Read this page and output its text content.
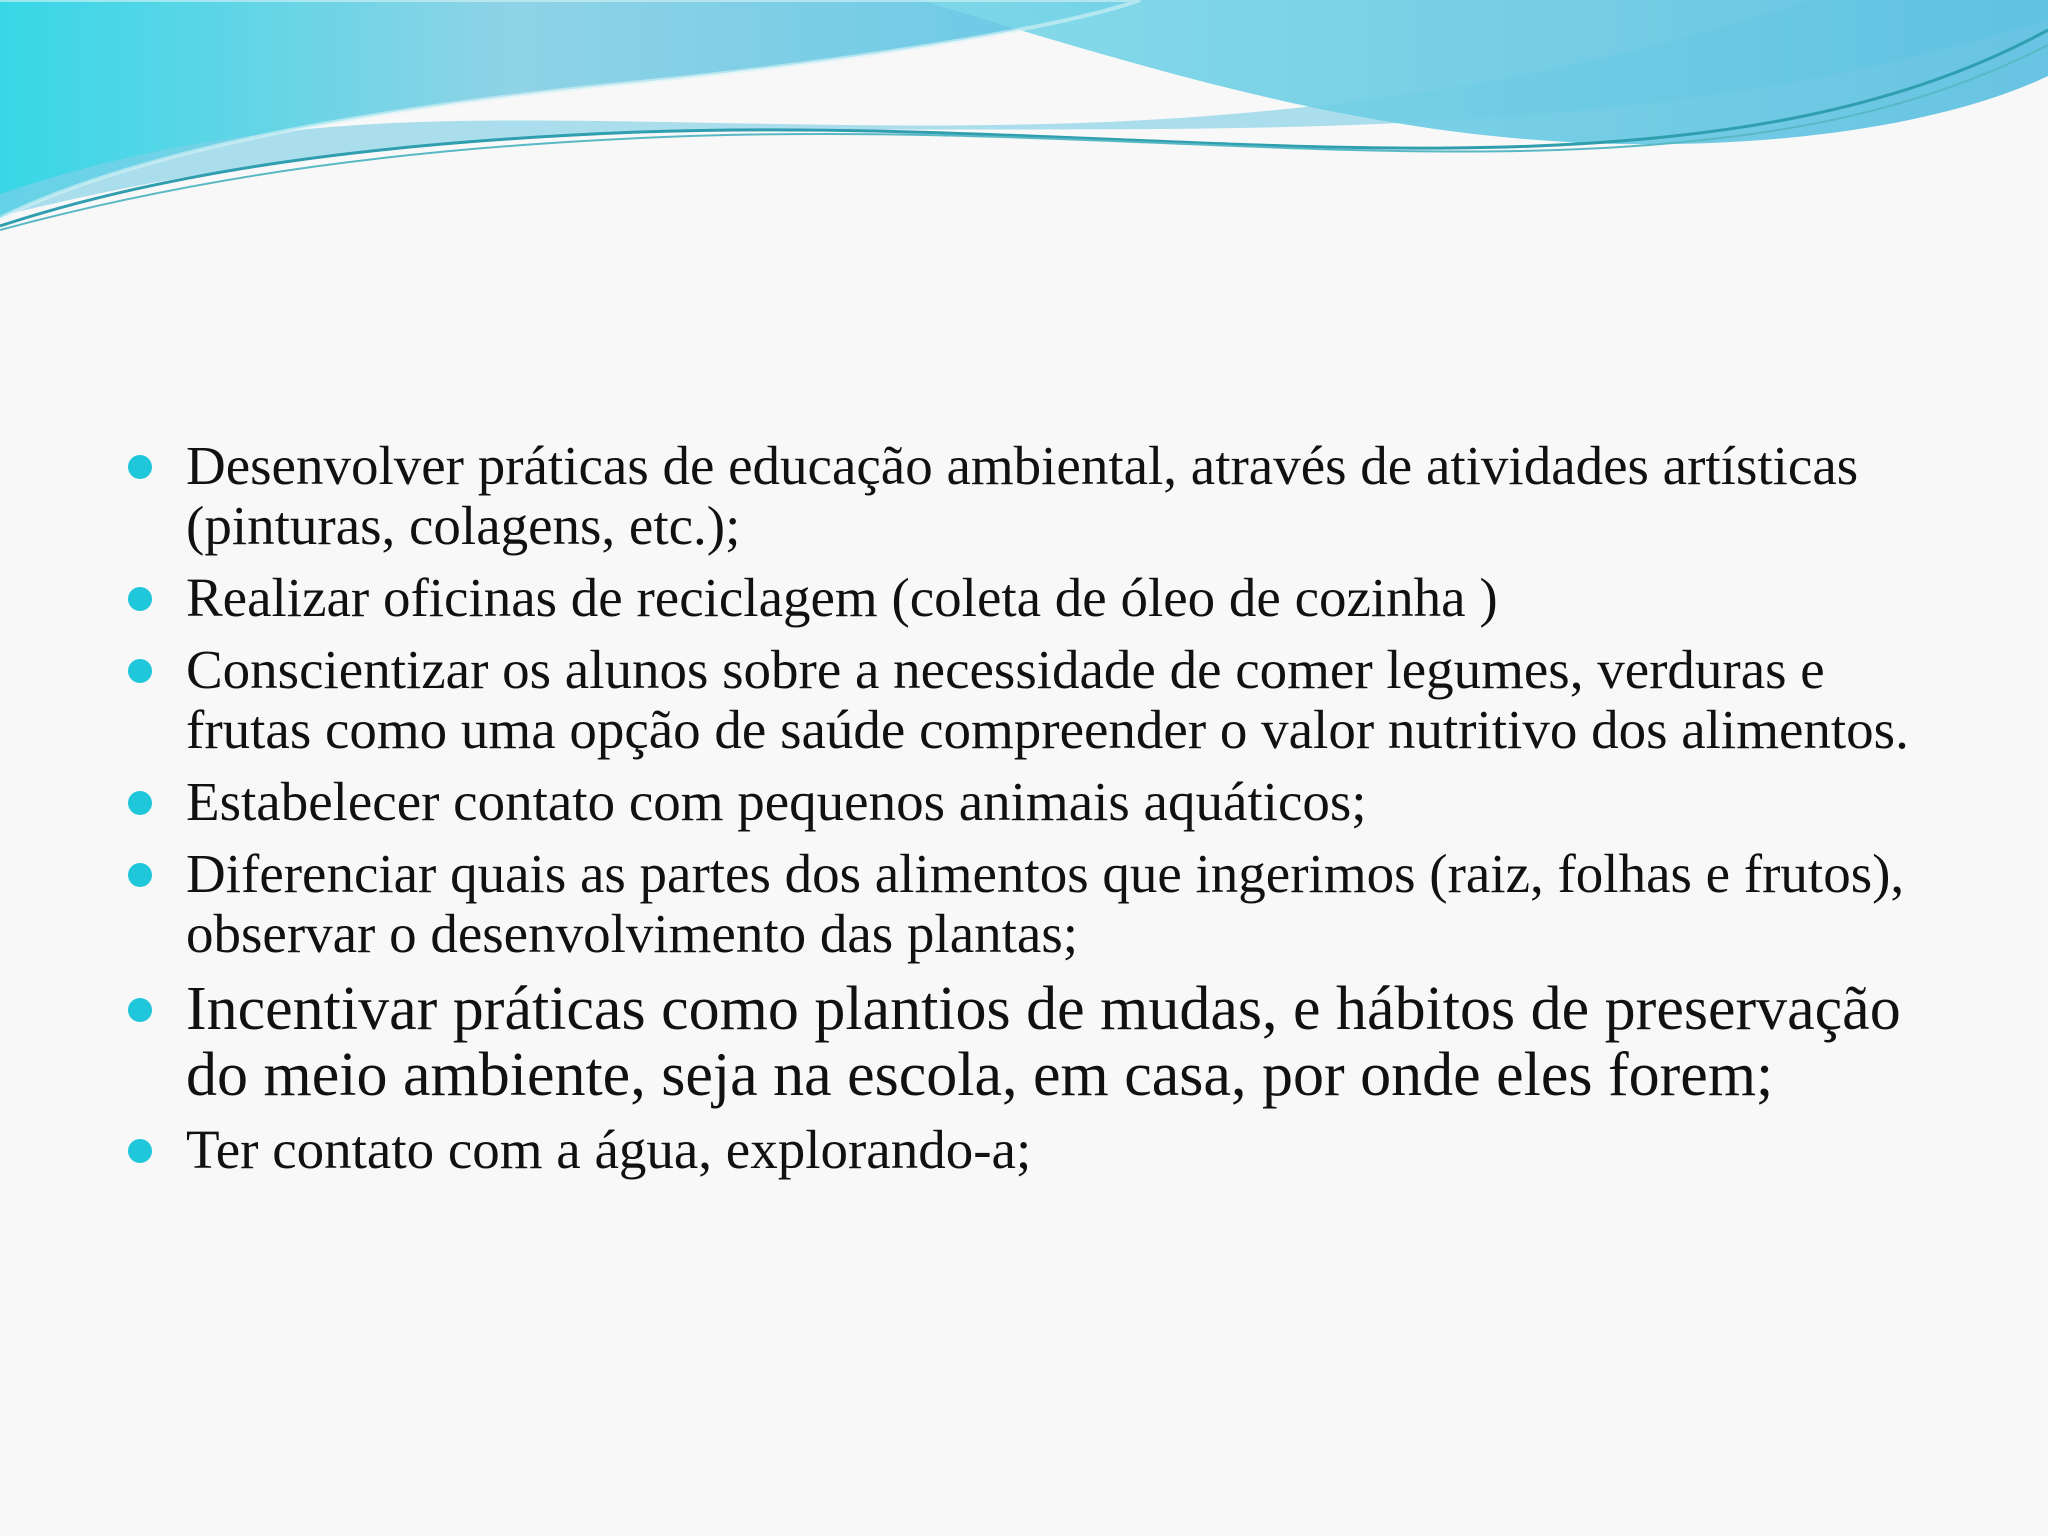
Desenvolver práticas de educação ambiental, através de atividades artísticas (pinturas, colagens, etc.);
Realizar oficinas de reciclagem (coleta de óleo de cozinha )
Conscientizar os alunos sobre a necessidade de comer legumes, verduras e frutas como uma opção de saúde compreender o valor nutritivo dos alimentos.
Estabelecer contato com pequenos animais aquáticos;
Diferenciar quais as partes dos alimentos que ingerimos (raiz, folhas e frutos), observar o desenvolvimento das plantas;
Incentivar práticas como plantios de mudas, e hábitos de preservação do meio ambiente, seja na escola, em casa, por onde eles forem;
Ter contato com a água, explorando-a;
